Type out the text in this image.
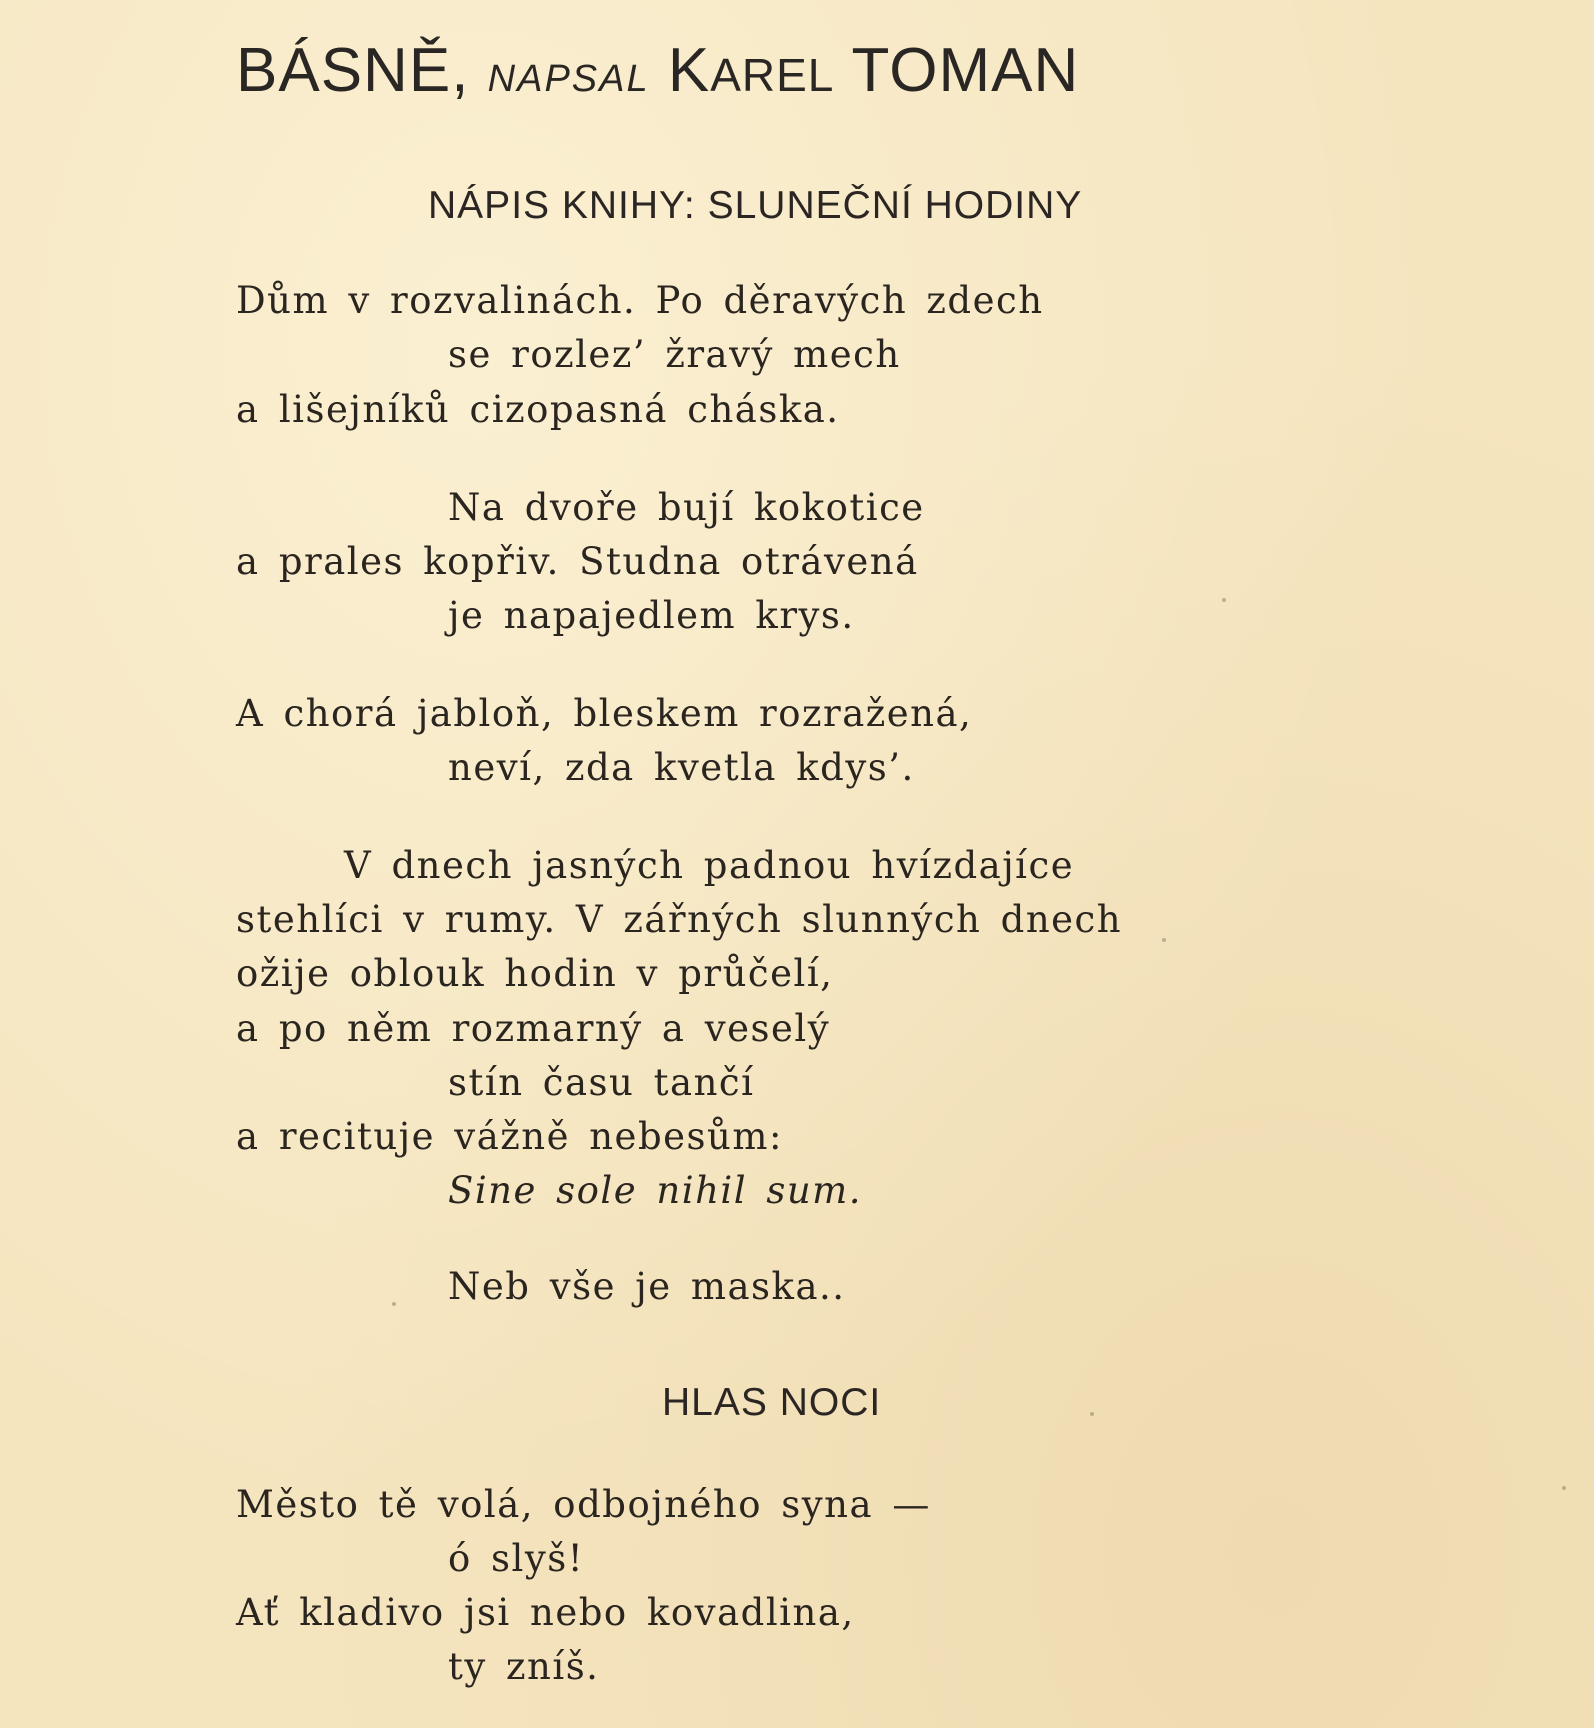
BÁSNĚ, NAPSAL KAREL TOMAN
NÁPIS KNIHY: SLUNEČNÍ HODINY
Dům v rozvalinách. Po děravých zdech
se rozlez’ žravý mech
a lišejníků cizopasná cháska.
Na dvoře bují kokotice
a prales kopřiv. Studna otrávená
je napajedlem krys.
A chorá jabloň, bleskem rozražená,
neví, zda kvetla kdys’.
V dnech jasných padnou hvízdajíce
stehlíci v rumy. V zářných slunných dnech
ožije oblouk hodin v průčelí,
a po něm rozmarný a veselý
stín času tančí
a recituje vážně nebesům:
Sine sole nihil sum.
Neb vše je maska..
HLAS NOCI
Město tě volá, odbojného syna —
ó slyš!
Ať kladivo jsi nebo kovadlina,
ty zníš.
